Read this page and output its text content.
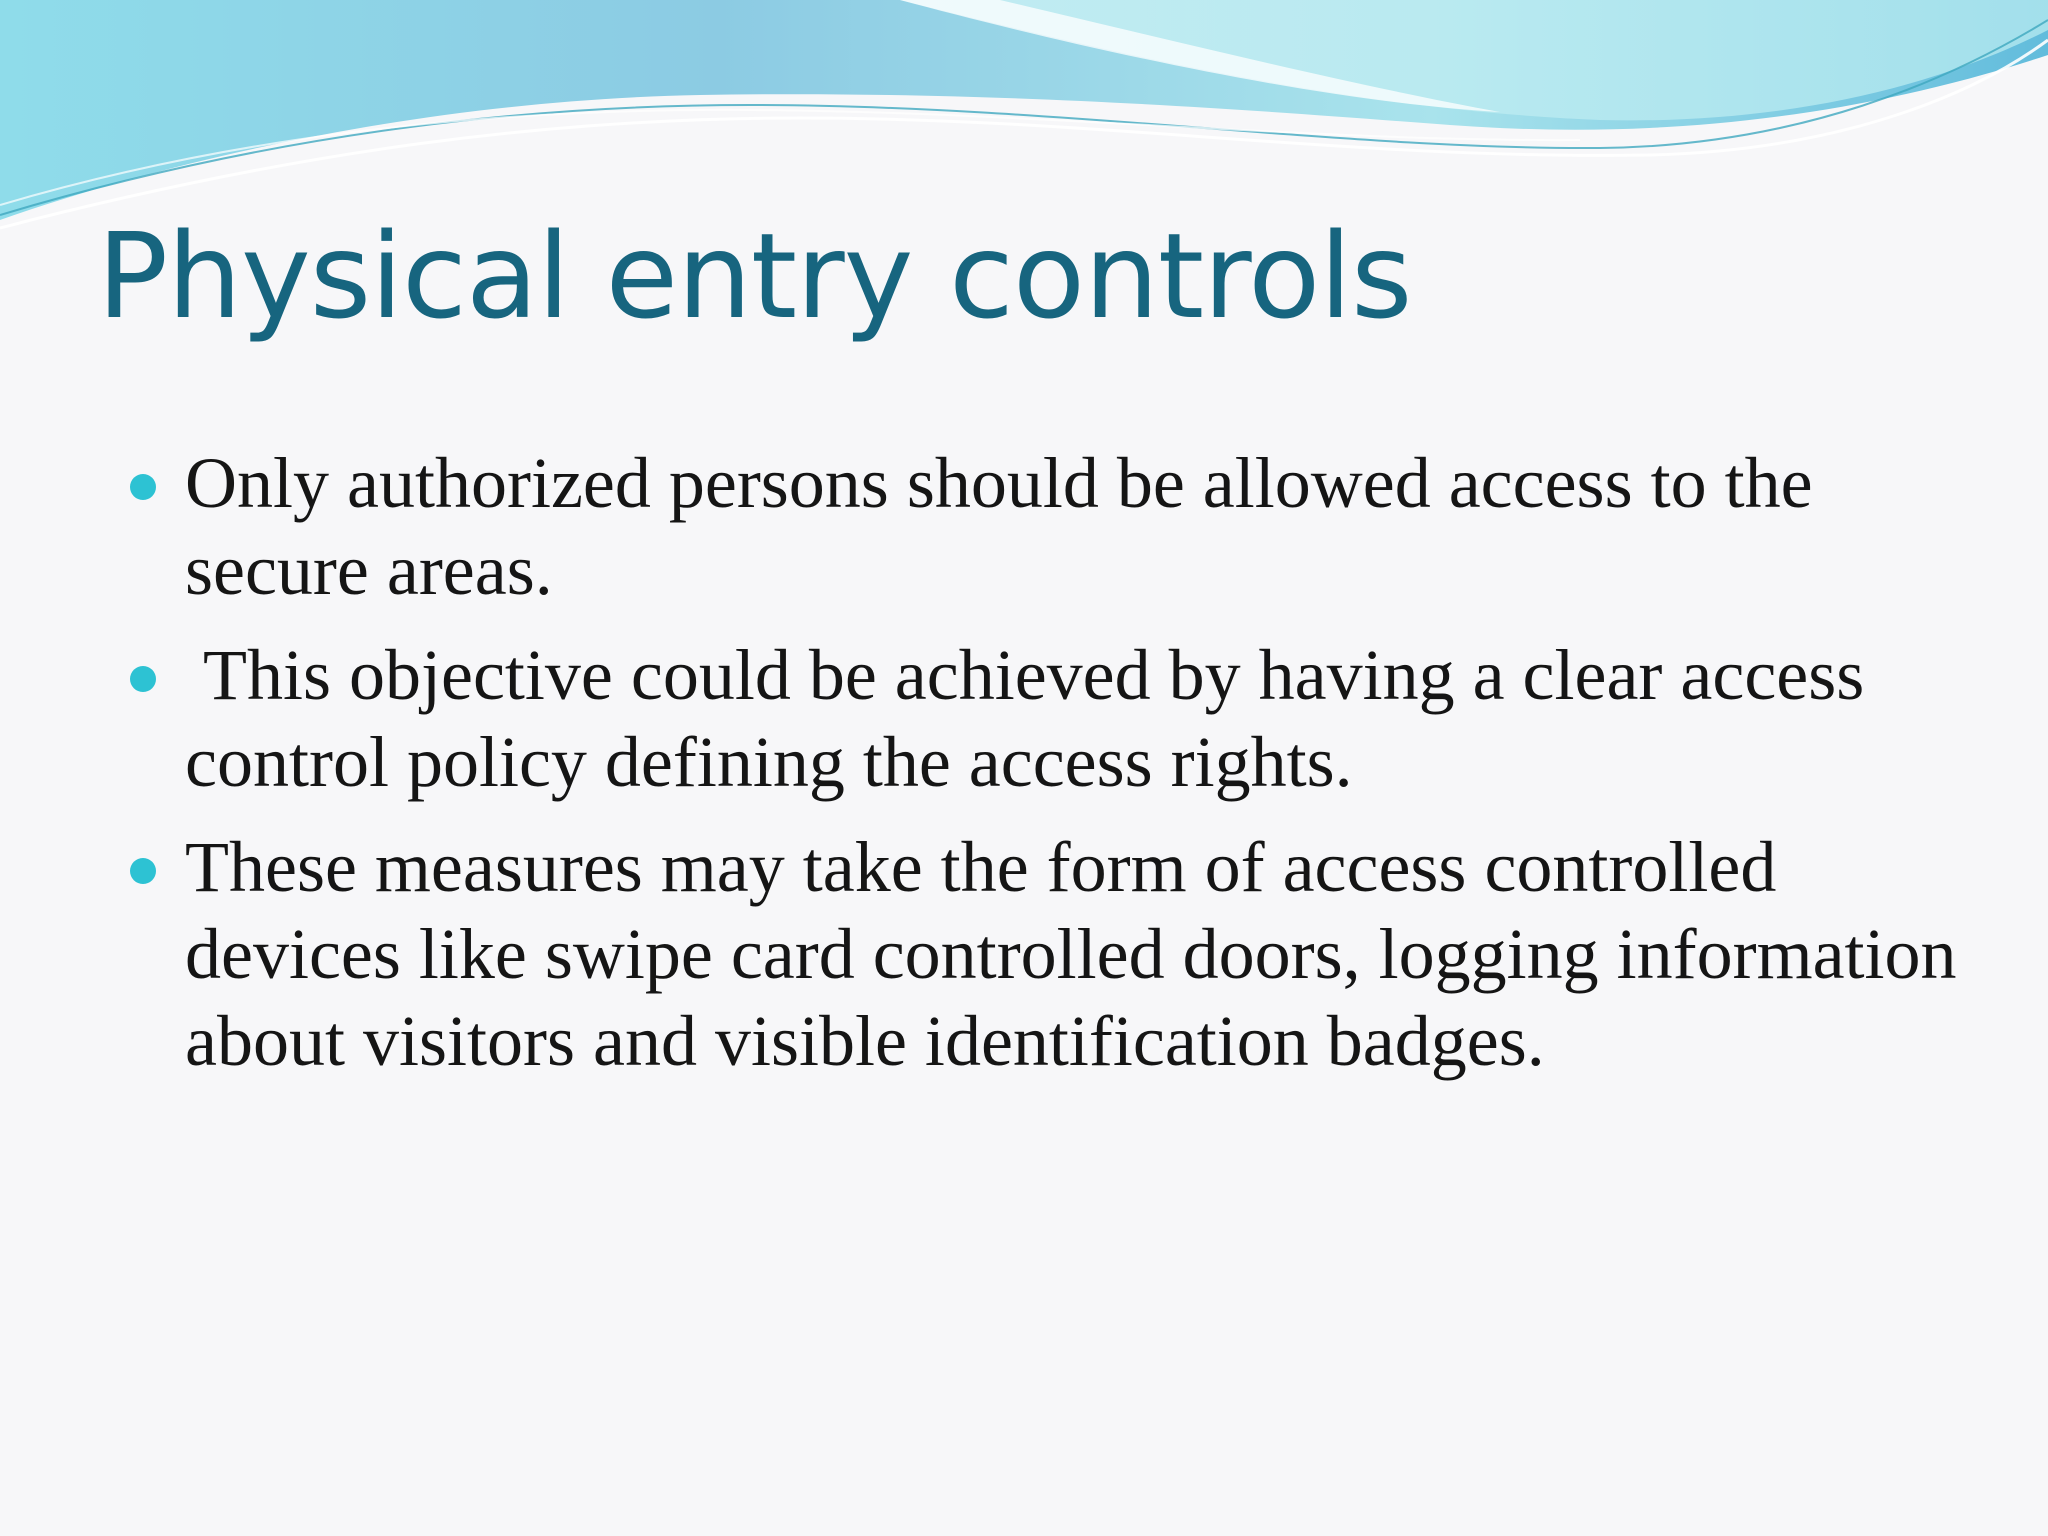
Physical entry controls
Only authorized persons should be allowed access to the secure areas.
This objective could be achieved by having a clear access control policy defining the access rights.
These measures may take the form of access controlled devices like swipe card controlled doors, logging information about visitors and visible identification badges.
